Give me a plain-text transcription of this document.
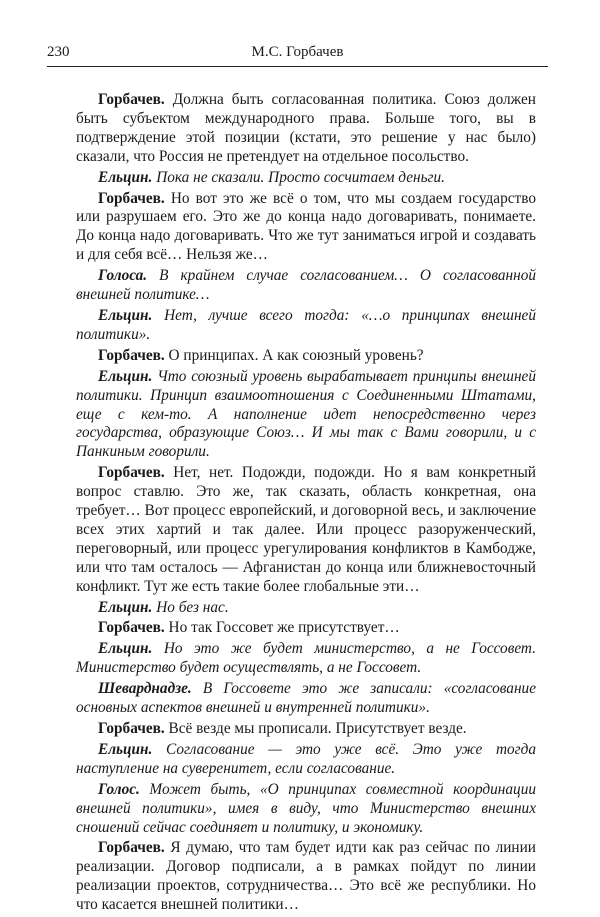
230	М.С. Горбачев

Горбачев. Должна быть согласованная политика. Союз должен быть субъектом международного права. Больше того, вы в подтверждение этой позиции (кстати, это решение у нас было) сказали, что Россия не претендует на отдельное посольство.

Ельцин. Пока не сказали. Просто сосчитаем деньги.

Горбачев. Но вот это же всё о том, что мы создаем государство или разрушаем его. Это же до конца надо договаривать, понимаете. До конца надо договаривать. Что же тут заниматься игрой и создавать и для себя всё… Нельзя же…

Голоса. В крайнем случае согласованием… О согласованной внешней политике…

Ельцин. Нет, лучше всего тогда: «…о принципах внешней политики».

Горбачев. О принципах. А как союзный уровень?

Ельцин. Что союзный уровень вырабатывает принципы внешней политики. Принцип взаимоотношения с Соединенными Штатами, еще с кем-то. А наполнение идет непосредственно через государства, образующие Союз… И мы так с Вами говорили, и с Панкиным говорили.

Горбачев. Нет, нет. Подожди, подожди. Но я вам конкретный вопрос ставлю. Это же, так сказать, область конкретная, она требует… Вот процесс европейский, и договорной весь, и заключение всех этих хартий и так далее. Или процесс разоруженческий, переговорный, или процесс урегулирования конфликтов в Камбодже, или что там осталось — Афганистан до конца или ближневосточный конфликт. Тут же есть такие более глобальные эти…

Ельцин. Но без нас.

Горбачев. Но так Госсовет же присутствует…

Ельцин. Но это же будет министерство, а не Госсовет. Министерство будет осуществлять, а не Госсовет.

Шеварднадзе. В Госсовете это же записали: «согласование основных аспектов внешней и внутренней политики».

Горбачев. Всё везде мы прописали. Присутствует везде.

Ельцин. Согласование — это уже всё. Это уже тогда наступление на суверенитет, если согласование.

Голос. Может быть, «О принципах совместной координации внешней политики», имея в виду, что Министерство внешних сношений сейчас соединяет и политику, и экономику.

Горбачев. Я думаю, что там будет идти как раз сейчас по линии реализации. Договор подписали, а в рамках пойдут по линии реализации проектов, сотрудничества… Это всё же республики. Но что касается внешней политики…
